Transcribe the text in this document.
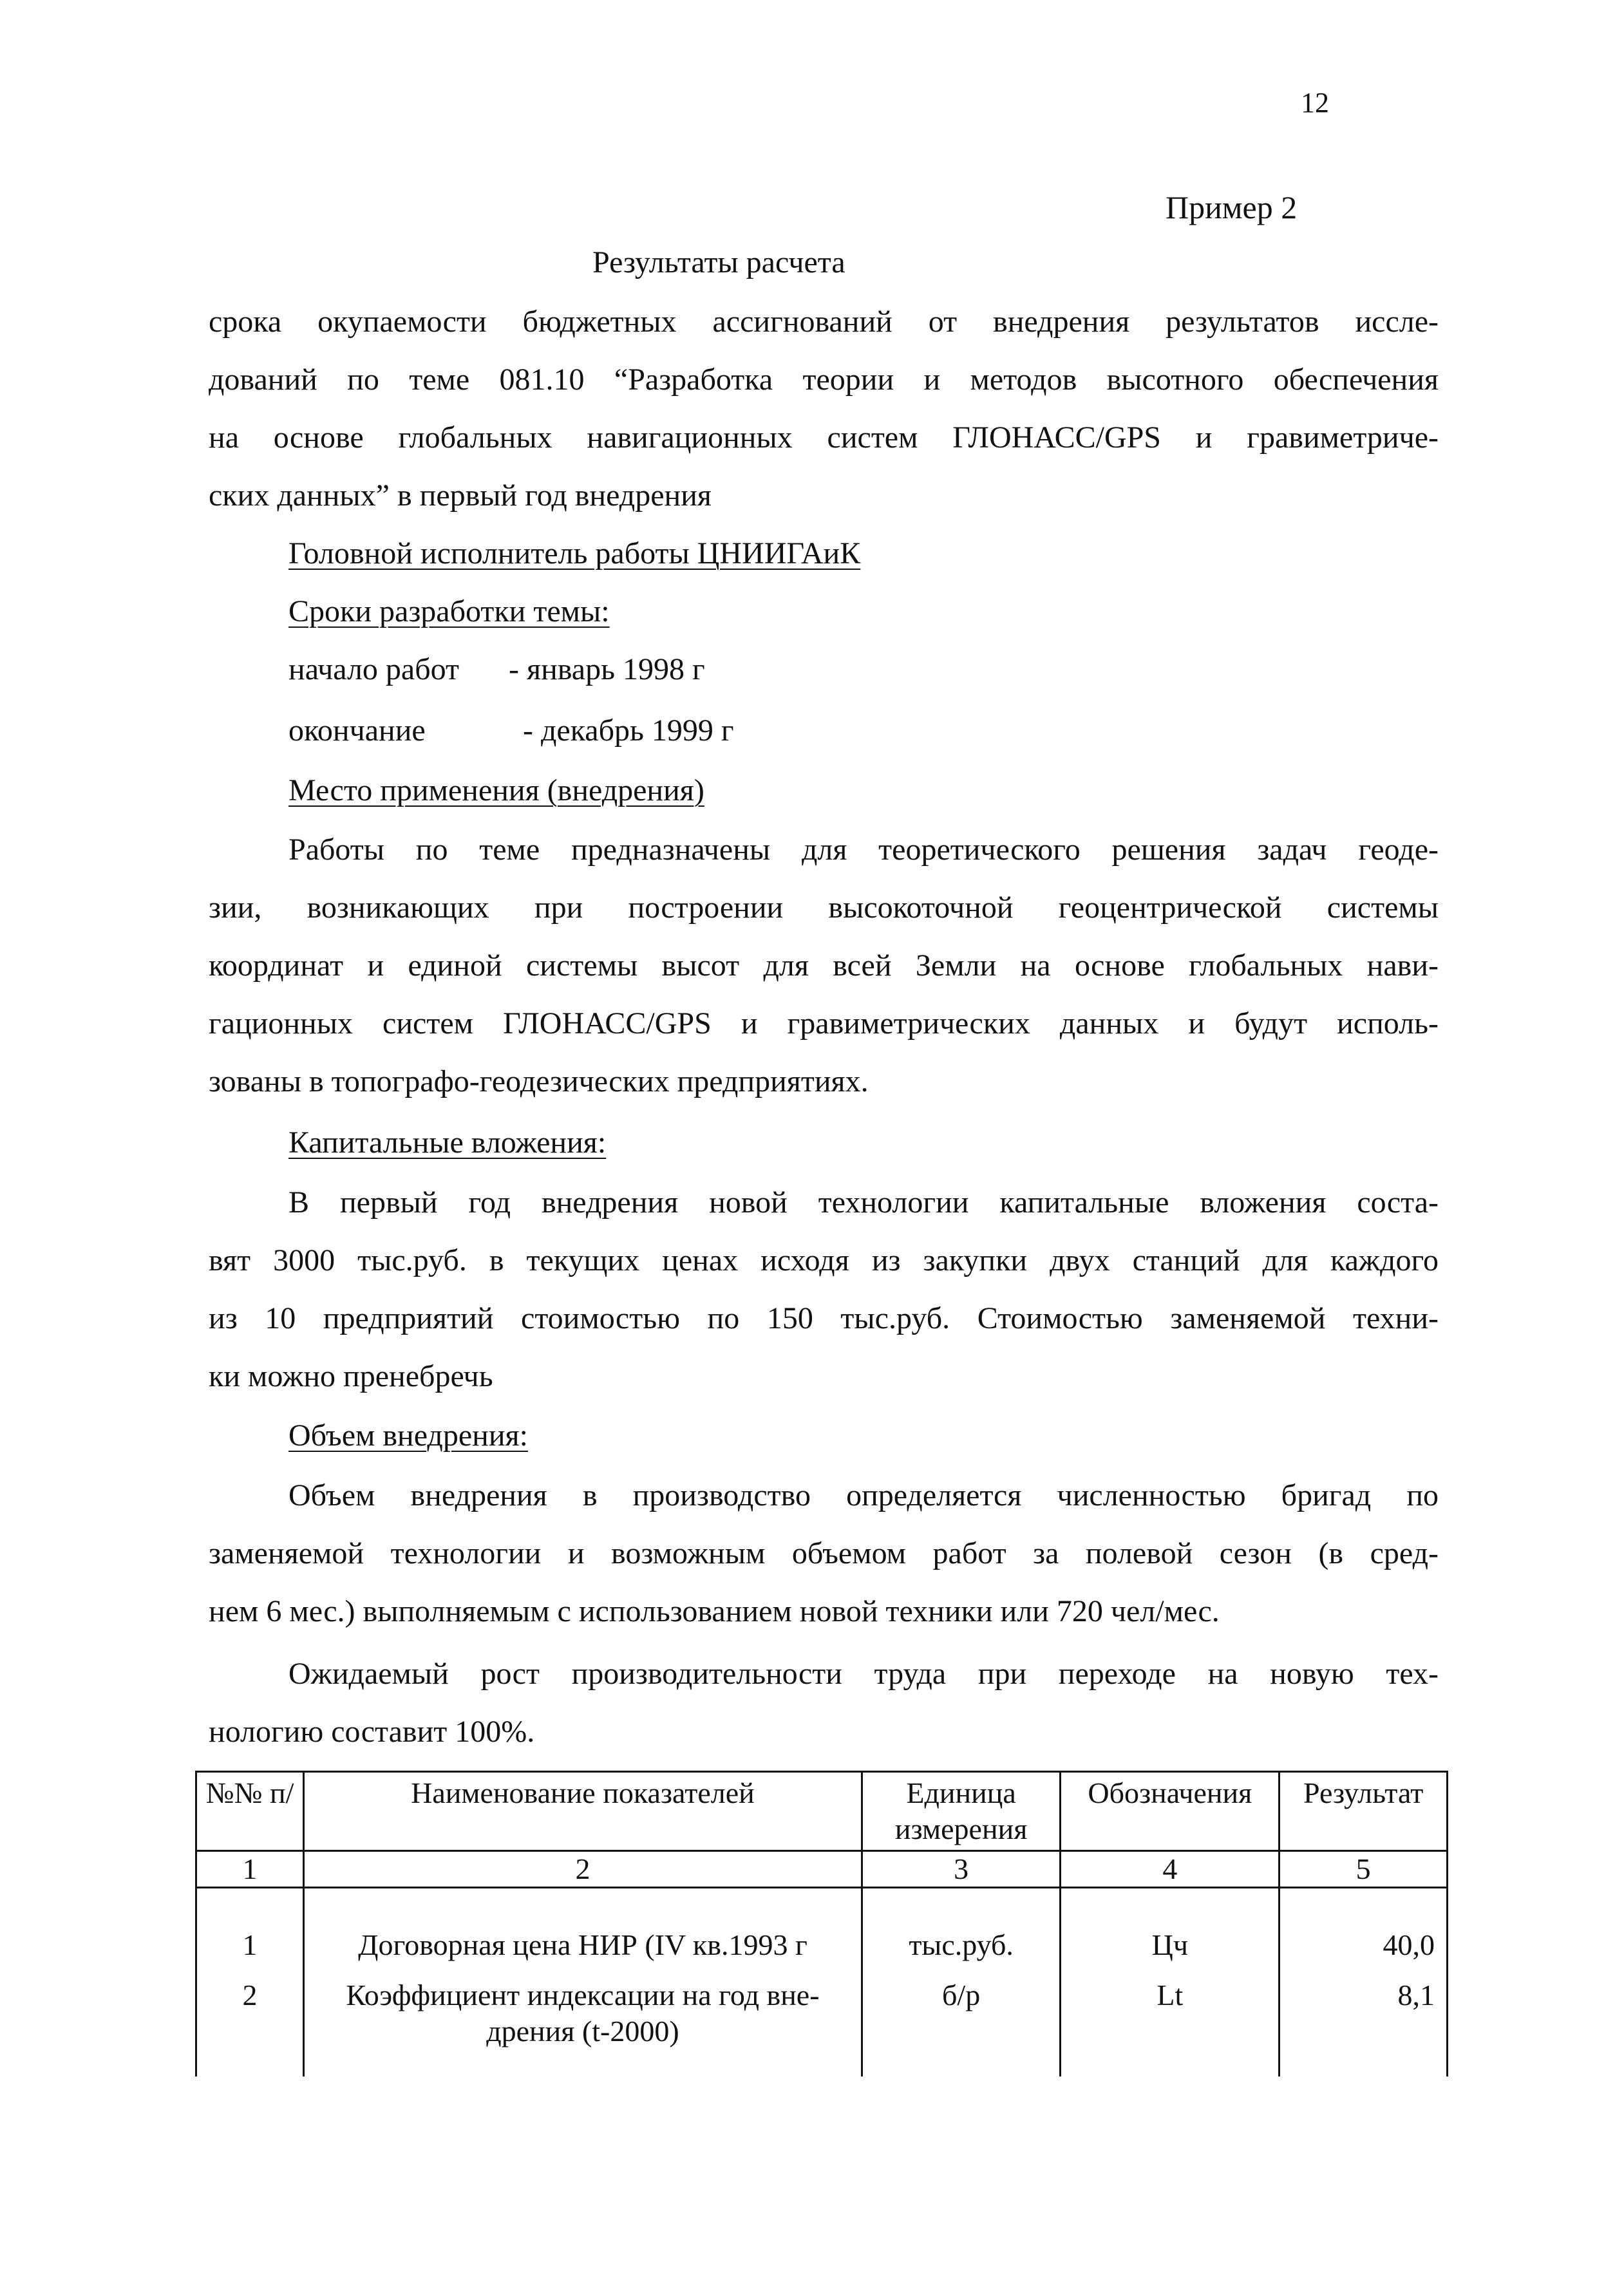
12
Пример 2
Результаты расчета
срока окупаемости бюджетных ассигнований от внедрения результатов иссле-
дований по теме 081.10 “Разработка теории и методов высотного обеспечения
на основе глобальных навигационных систем ГЛОНАСС/GPS и гравиметриче-
ских данных” в первый год внедрения
Головной исполнитель работы ЦНИИГАиК
Сроки разработки темы:
начало работ - январь 1998 г
окончание	- декабрь 1999 г
Место применения (внедрения)
Работы по теме предназначены для теоретического решения задач геоде-
зии, возникающих при построении высокоточной геоцентрической системы
координат и единой системы высот для всей Земли на основе глобальных нави-
гационных систем ГЛОНАСС/GPS и гравиметрических данных и будут исполь-
зованы в топографо-геодезических предприятиях.
Капитальные вложения:
В первый год внедрения новой технологии капитальные вложения соста-
вят 3000 тыс.руб. в текущих ценах исходя из закупки двух станций для каждого
из 10 предприятий стоимостью по 150 тыс.руб. Стоимостью заменяемой техни-
ки можно пренебречь
Объем внедрения:
Объем внедрения в производство определяется численностью бригад по
заменяемой технологии и возможным объемом работ за полевой сезон (в сред-
нем 6 мес.) выполняемым с использованием новой техники или 720 чел/мес.
Ожидаемый рост производительности труда при переходе на новую тех-
нологию составит 100%.
№№ п/	Наименование показателей	Единица измерения	Обозначения	Результат
1	2	3	4	5
1	Договорная цена НИР (IV кв.1993 г	тыс.руб.	Цч	40,0
2	Коэффициент индексации на год вне-дрения (t-2000)	б/р	Lt	8,1
